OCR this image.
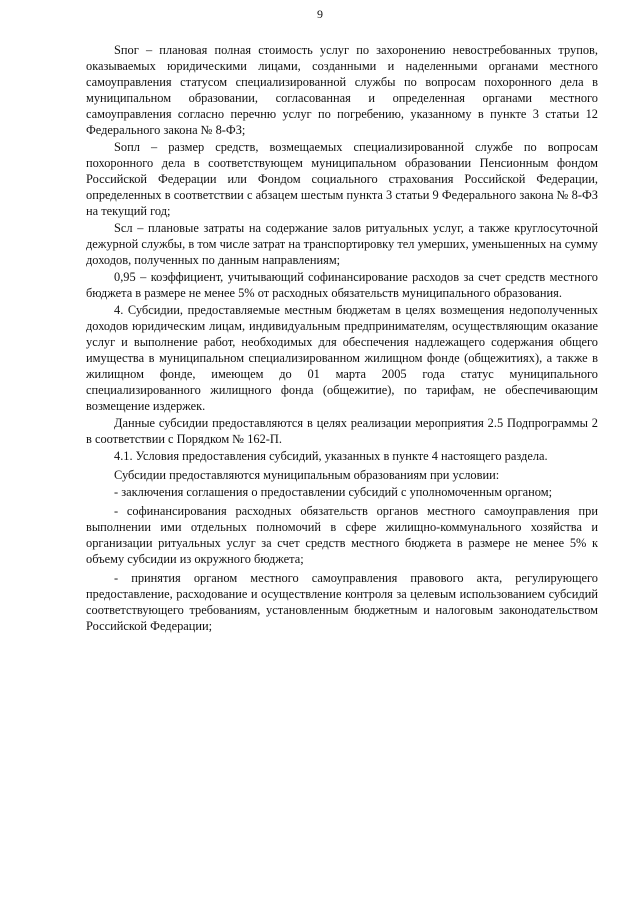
9

Sпог – плановая полная стоимость услуг по захоронению невостребованных трупов, оказываемых юридическими лицами, созданными и наделенными органами местного самоуправления статусом специализированной службы по вопросам похоронного дела в муниципальном образовании, согласованная и определенная органами местного самоуправления согласно перечню услуг по погребению, указанному в пункте 3 статьи 12 Федерального закона № 8-ФЗ;

Sопл – размер средств, возмещаемых специализированной службе по вопросам похоронного дела в соответствующем муниципальном образовании Пенсионным фондом Российской Федерации или Фондом социального страхования Российской Федерации, определенных в соответствии с абзацем шестым пункта 3 статьи 9 Федерального закона № 8-ФЗ на текущий год;

Scл – плановые затраты на содержание залов ритуальных услуг, а также круглосуточной дежурной службы, в том числе затрат на транспортировку тел умерших, уменьшенных на сумму доходов, полученных по данным направлениям;

0,95 – коэффициент, учитывающий софинансирование расходов за счет средств местного бюджета в размере не менее 5% от расходных обязательств муниципального образования.

4. Субсидии, предоставляемые местным бюджетам в целях возмещения недополученных доходов юридическим лицам, индивидуальным предпринимателям, осуществляющим оказание услуг и выполнение работ, необходимых для обеспечения надлежащего содержания общего имущества в муниципальном специализированном жилищном фонде (общежитиях), а также в жилищном фонде, имеющем до 01 марта 2005 года статус муниципального специализированного жилищного фонда (общежитие), по тарифам, не обеспечивающим возмещение издержек.

Данные субсидии предоставляются в целях реализации мероприятия 2.5 Подпрограммы 2 в соответствии с Порядком № 162-П.

4.1. Условия предоставления субсидий, указанных в пункте 4 настоящего раздела.

Субсидии предоставляются муниципальным образованиям при условии:

- заключения соглашения о предоставлении субсидий с уполномоченным органом;

- софинансирования расходных обязательств органов местного самоуправления при выполнении ими отдельных полномочий в сфере жилищно-коммунального хозяйства и организации ритуальных услуг за счет средств местного бюджета в размере не менее 5% к объему субсидии из окружного бюджета;

- принятия органом местного самоуправления правового акта, регулирующего предоставление, расходование и осуществление контроля за целевым использованием субсидий соответствующего требованиям, установленным бюджетным и налоговым законодательством Российской Федерации;
